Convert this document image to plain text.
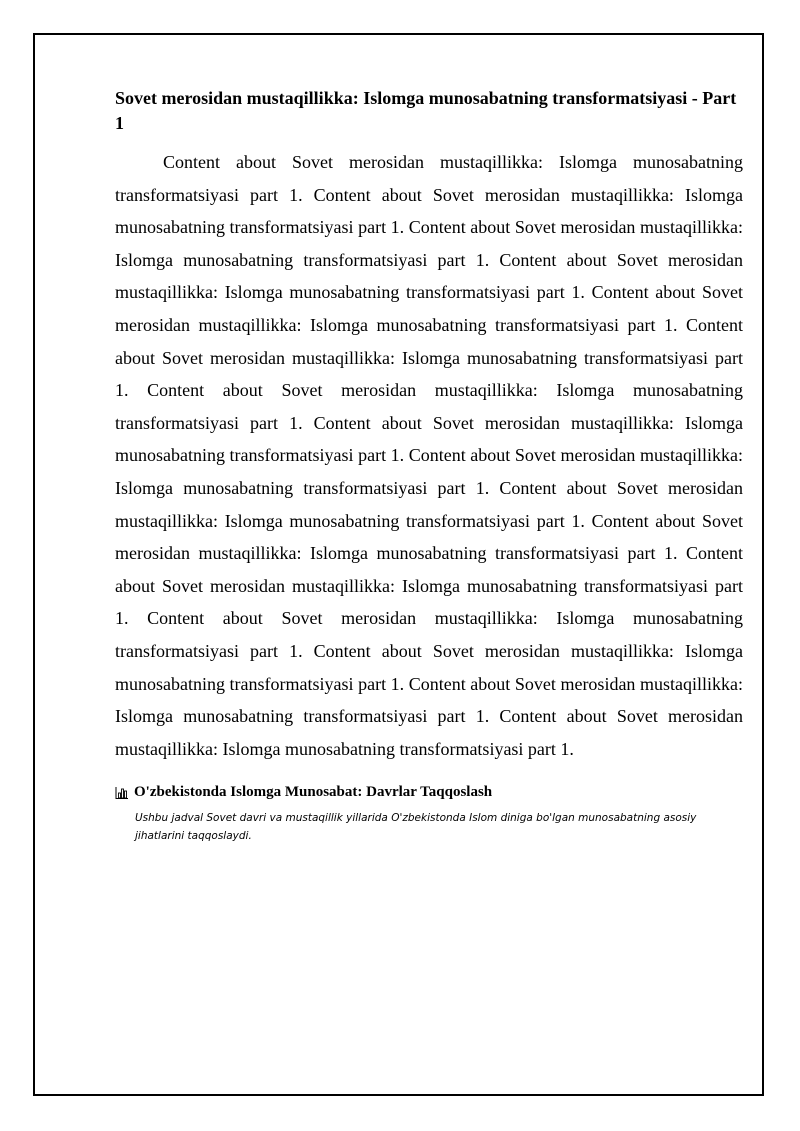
Sovet merosidan mustaqillikka: Islomga munosabatning transformatsiyasi - Part 1

Content about Sovet merosidan mustaqillikka: Islomga munosabatning transformatsiyasi part 1. Content about Sovet merosidan mustaqillikka: Islomga munosabatning transformatsiyasi part 1. Content about Sovet merosidan mustaqillikka: Islomga munosabatning transformatsiyasi part 1. Content about Sovet merosidan mustaqillikka: Islomga munosabatning transformatsiyasi part 1. Content about Sovet merosidan mustaqillikka: Islomga munosabatning transformatsiyasi part 1. Content about Sovet merosidan mustaqillikka: Islomga munosabatning transformatsiyasi part 1. Content about Sovet merosidan mustaqillikka: Islomga munosabatning transformatsiyasi part 1. Content about Sovet merosidan mustaqillikka: Islomga munosabatning transformatsiyasi part 1. Content about Sovet merosidan mustaqillikka: Islomga munosabatning transformatsiyasi part 1. Content about Sovet merosidan mustaqillikka: Islomga munosabatning transformatsiyasi part 1. Content about Sovet merosidan mustaqillikka: Islomga munosabatning transformatsiyasi part 1. Content about Sovet merosidan mustaqillikka: Islomga munosabatning transformatsiyasi part 1. Content about Sovet merosidan mustaqillikka: Islomga munosabatning transformatsiyasi part 1. Content about Sovet merosidan mustaqillikka: Islomga munosabatning transformatsiyasi part 1. Content about Sovet merosidan mustaqillikka: Islomga munosabatning transformatsiyasi part 1. Content about Sovet merosidan mustaqillikka: Islomga munosabatning transformatsiyasi part 1.

O'zbekistonda Islomga Munosabat: Davrlar Taqqoslash
Ushbu jadval Sovet davri va mustaqillik yillarida O'zbekistonda Islom diniga bo'lgan munosabatning asosiy jihatlarini taqqoslaydi.
